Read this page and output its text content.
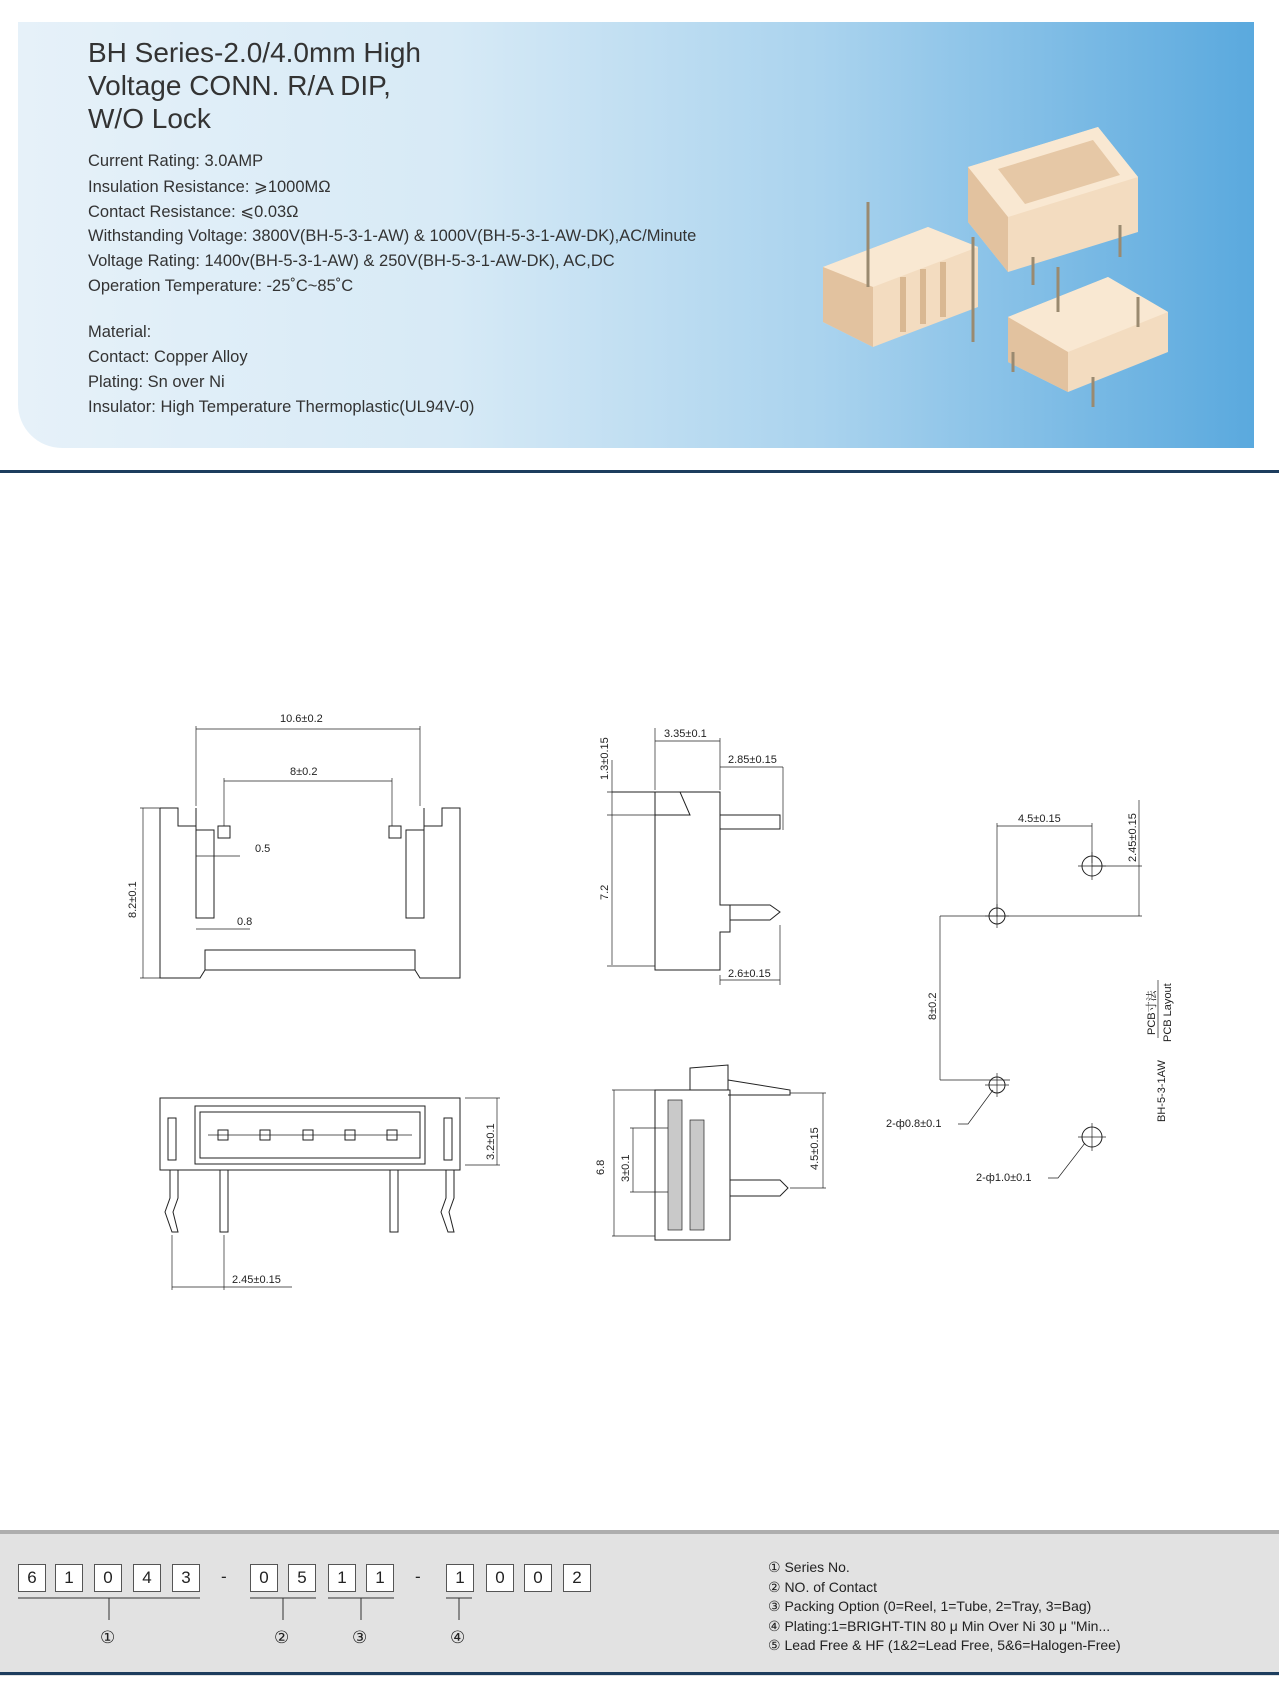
BH Series-2.0/4.0mm High
Voltage CONN. R/A DIP,
W/O Lock
Current Rating: 3.0AMP
Insulation Resistance: ⩾1000MΩ
Contact Resistance: ⩽0.03Ω
Withstanding Voltage: 3800V(BH-5-3-1-AW) & 1000V(BH-5-3-1-AW-DK),AC/Minute
Voltage Rating: 1400v(BH-5-3-1-AW) & 250V(BH-5-3-1-AW-DK), AC,DC
Operation Temperature: -25˚C~85˚C
Material:
Contact: Copper Alloy
Plating: Sn over Ni
Insulator: High Temperature Thermoplastic(UL94V-0)
10.6±0.2
8±0.2
0.5
0.8
8.2±0.1
3.35±0.1
2.85±0.15
1.3±0.15
7.2
2.6±0.15
4.5±0.15	2.45±0.15
8±0.2
2-ф0.8±0.1
2-ф1.0±0.1
PCB寸法 PCB Layout
BH-5-3-1AW
3.2±0.1
2.45±0.15
6.8 3±0.1	4.5±0.15
6	1	0	4	3	-	0	5	1	1	-	1	0	0	2
①	②	③	④
① Series No.
② NO. of Contact
③ Packing Option (0=Reel, 1=Tube, 2=Tray, 3=Bag)
④ Plating:1=BRIGHT-TIN 80 μ Min Over Ni 30 μ "Min...
⑤ Lead Free & HF (1&2=Lead Free, 5&6=Halogen-Free)
